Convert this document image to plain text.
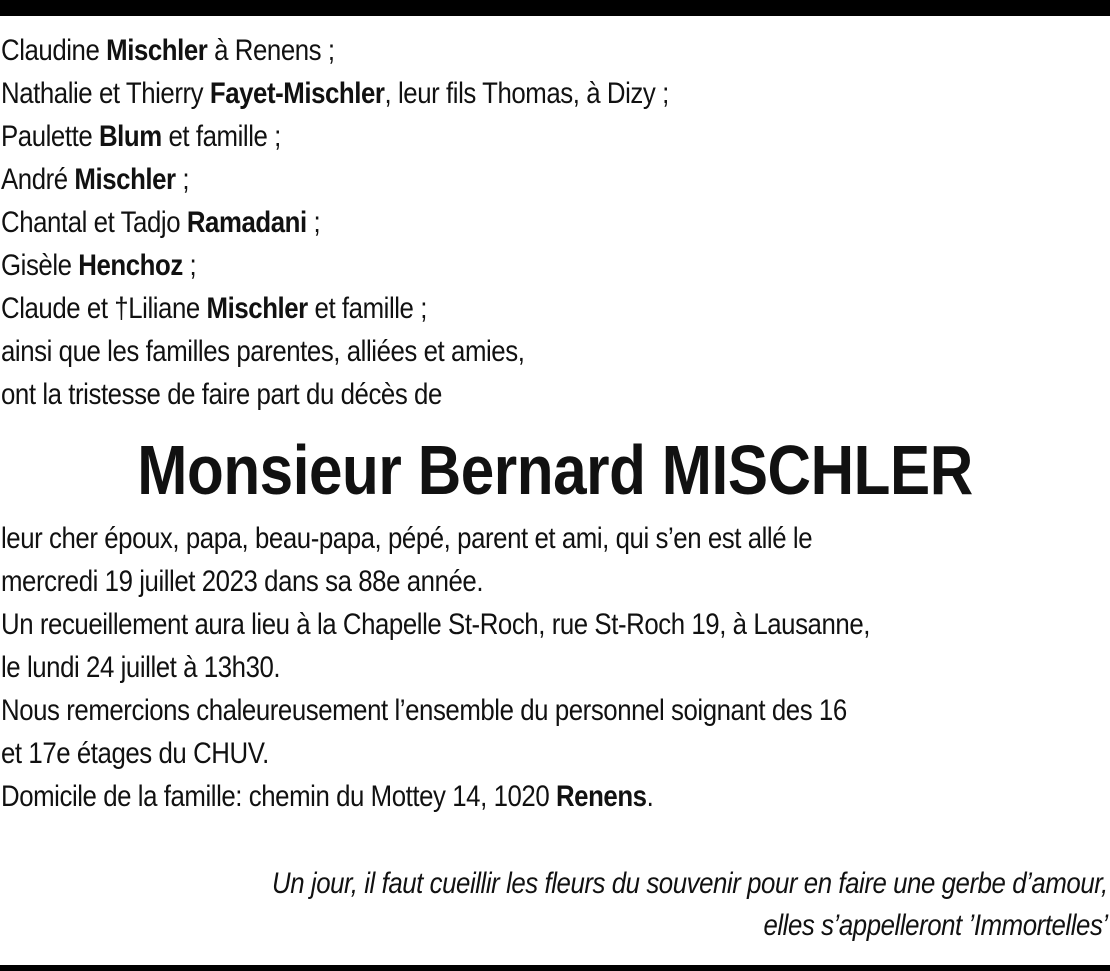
Claudine Mischler à Renens ;
Nathalie et Thierry Fayet-Mischler, leur fils Thomas, à Dizy ;
Paulette Blum et famille ;
André Mischler ;
Chantal et Tadjo Ramadani ;
Gisèle Henchoz ;
Claude et †Liliane Mischler et famille ;
ainsi que les familles parentes, alliées et amies,
ont la tristesse de faire part du décès de
Monsieur Bernard MISCHLER
leur cher époux, papa, beau-papa, pépé, parent et ami, qui s’en est allé le
mercredi 19 juillet 2023 dans sa 88e année.
Un recueillement aura lieu à la Chapelle St-Roch, rue St-Roch 19, à Lausanne,
le lundi 24 juillet à 13h30.
Nous remercions chaleureusement l’ensemble du personnel soignant des 16
et 17e étages du CHUV.
Domicile de la famille: chemin du Mottey 14, 1020 Renens.
Un jour, il faut cueillir les fleurs du souvenir pour en faire une gerbe d’amour,
elles s’appelleront ’Immortelles’
